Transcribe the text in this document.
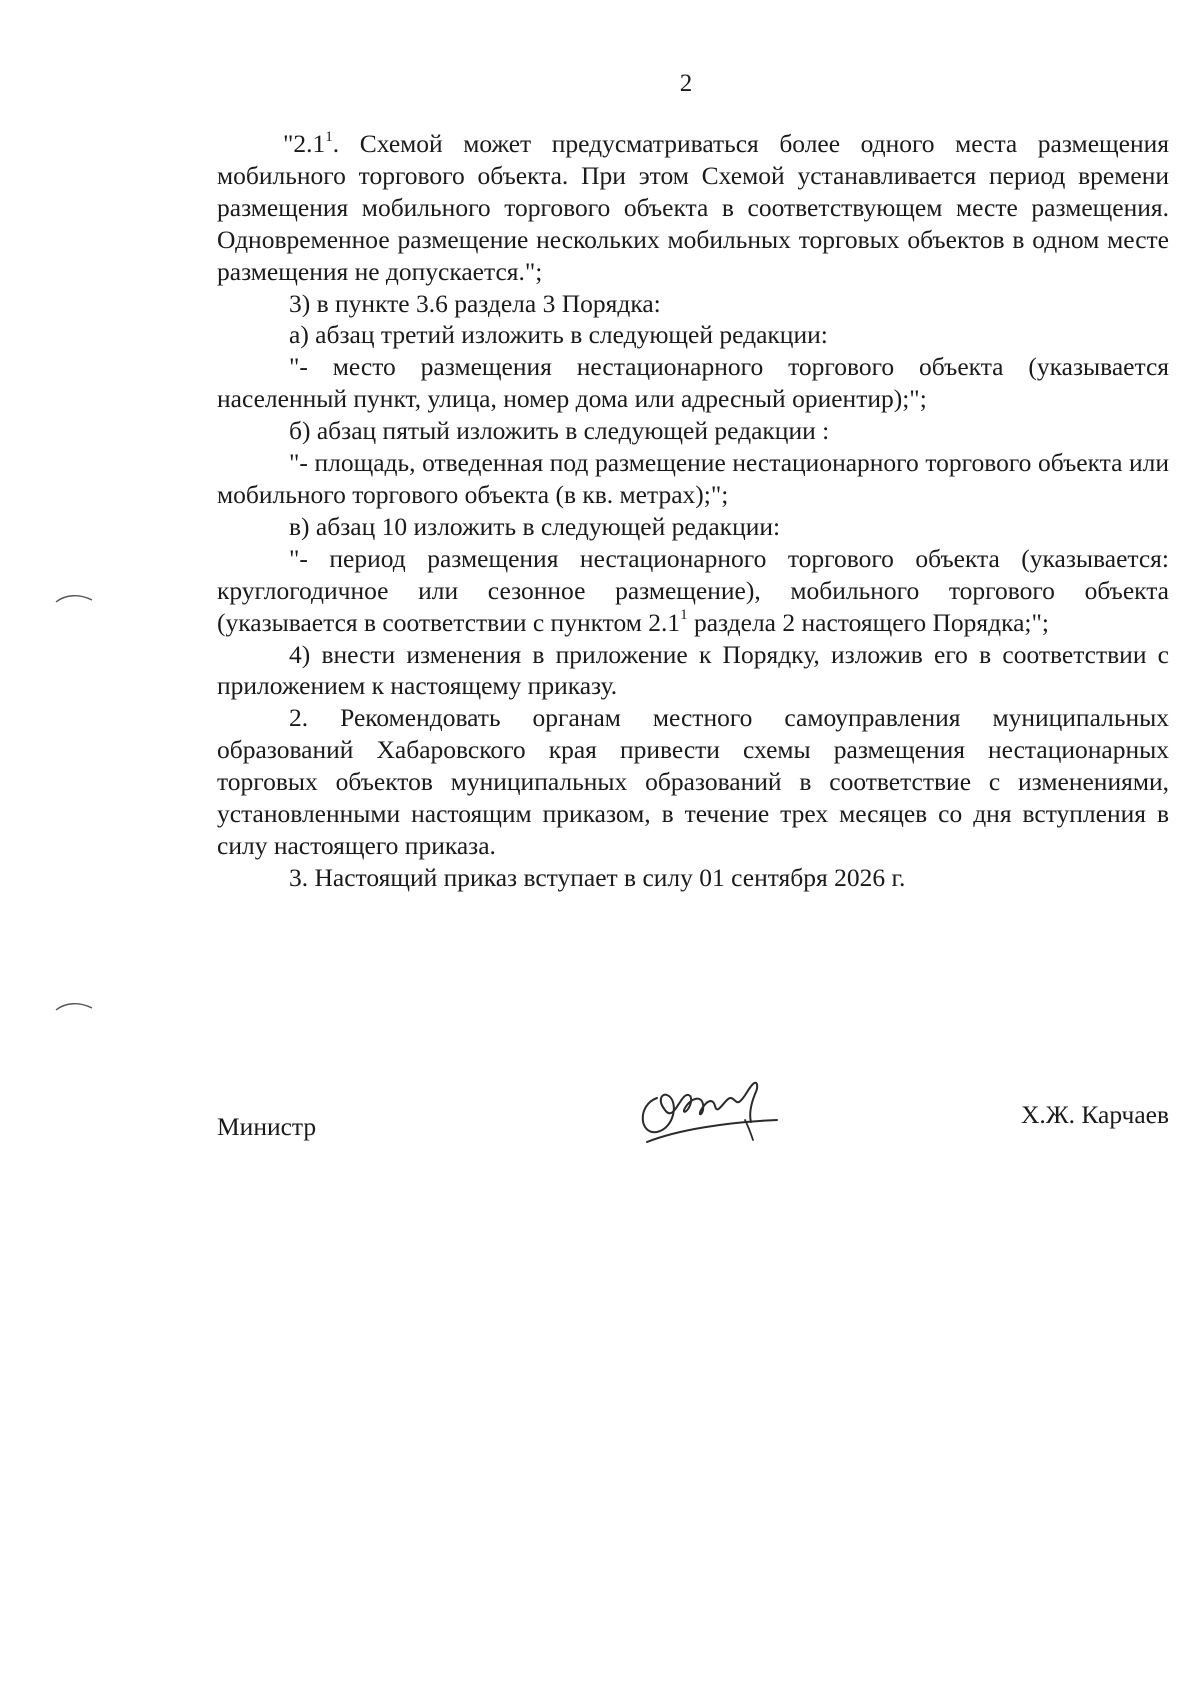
2

"$2.1^1$. Схемой может предусматриваться более одного места размещения мобильного торгового объекта. При этом Схемой устанавливается период времени размещения мобильного торгового объекта в соответствующем месте размещения. Одновременное размещение нескольких мобильных торговых объектов в одном месте размещения не допускается.";

3) в пункте 3.6 раздела 3 Порядка:

а) абзац третий изложить в следующей редакции:

"- место размещения нестационарного торгового объекта (указывается населенный пункт, улица, номер дома или адресный ориентир);";

б) абзац пятый изложить в следующей редакции :

"- площадь, отведенная под размещение нестационарного торгового объекта или мобильного торгового объекта (в кв. метрах);";

в) абзац 10 изложить в следующей редакции:

"- период размещения нестационарного торгового объекта (указывается: круглогодичное или сезонное размещение), мобильного торгового объекта (указывается в соответствии с пунктом $2.1^1$ раздела 2 настоящего Порядка;";

4) внести изменения в приложение к Порядку, изложив его в соответствии с приложением к настоящему приказу.

2. Рекомендовать органам местного самоуправления муниципальных образований Хабаровского края привести схемы размещения нестационарных торговых объектов муниципальных образований в соответствие с изменениями, установленными настоящим приказом, в течение трех месяцев со дня вступления в силу настоящего приказа.

3. Настоящий приказ вступает в силу 01 сентября 2026 г.

Министр	Х.Ж. Карчаев
